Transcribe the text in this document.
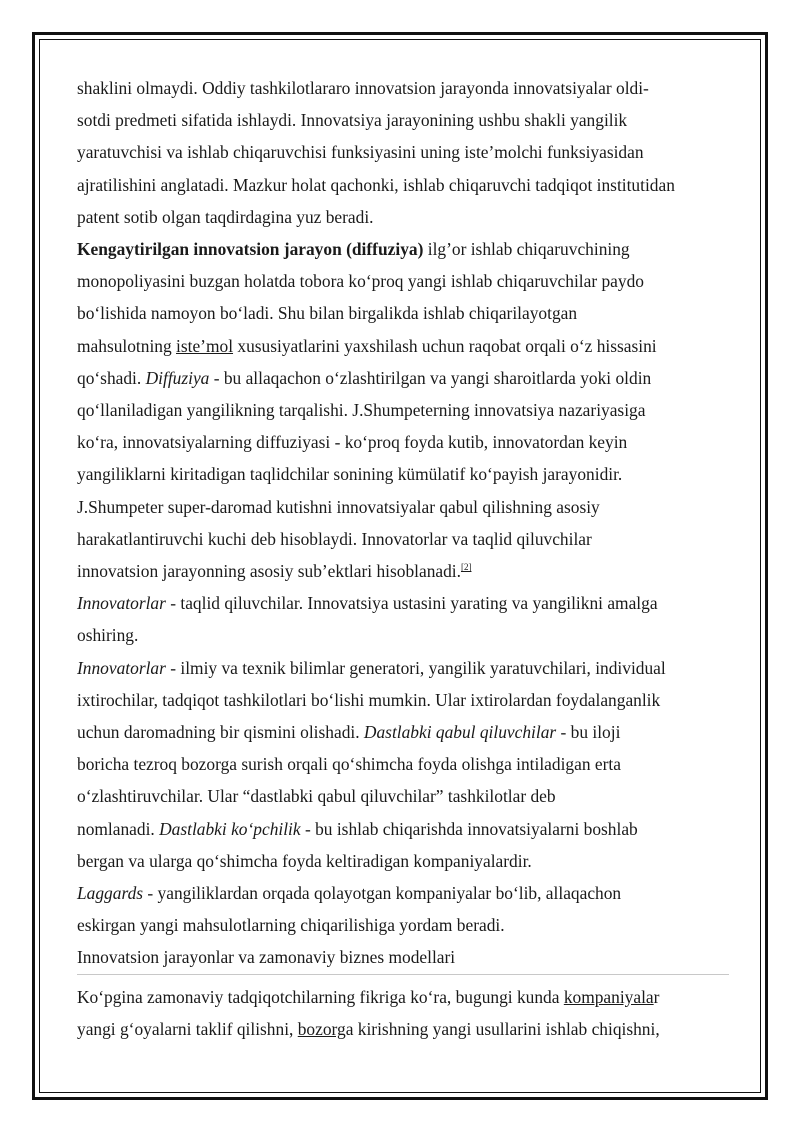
shaklini olmaydi. Oddiy tashkilotlararo innovatsion jarayonda innovatsiyalar oldi-
sotdi predmeti sifatida ishlaydi. Innovatsiya jarayonining ushbu shakli yangilik
yaratuvchisi va ishlab chiqaruvchisi funksiyasini uning iste’molchi funksiyasidan
ajratilishini anglatadi. Mazkur holat qachonki, ishlab chiqaruvchi tadqiqot institutidan
patent sotib olgan taqdirdagina yuz beradi.

Kengaytirilgan innovatsion jarayon (diffuziya) ilg’or ishlab chiqaruvchining
monopoliyasini buzgan holatda tobora ko‘proq yangi ishlab chiqaruvchilar paydo
bo‘lishida namoyon bo‘ladi. Shu bilan birgalikda ishlab chiqarilayotgan
mahsulotning iste’mol xususiyatlarini yaxshilash uchun raqobat orqali o‘z hissasini
qo‘shadi. Diffuziya - bu allaqachon o‘zlashtirilgan va yangi sharoitlarda yoki oldin
qo‘llaniladigan yangilikning tarqalishi. J.Shumpeterning innovatsiya nazariyasiga
ko‘ra, innovatsiyalarning diffuziyasi - ko‘proq foyda kutib, innovatordan keyin
yangiliklarni kiritadigan taqlidchilar sonining kümülatif ko‘payish jarayonidir.
J.Shumpeter super-daromad kutishni innovatsiyalar qabul qilishning asosiy
harakatlantiruvchi kuchi deb hisoblaydi. Innovatorlar va taqlid qiluvchilar
innovatsion jarayonning asosiy sub’ektlari hisoblanadi.[2]

Innovatorlar - taqlid qiluvchilar. Innovatsiya ustasini yarating va yangilikni amalga
oshiring.

Innovatorlar - ilmiy va texnik bilimlar generatori, yangilik yaratuvchilari, individual
ixtirochilar, tadqiqot tashkilotlari bo‘lishi mumkin. Ular ixtirolardan foydalanganlik
uchun daromadning bir qismini olishadi. Dastlabki qabul qiluvchilar - bu iloji
boricha tezroq bozorga surish orqali qo‘shimcha foyda olishga intiladigan erta
o‘zlashtiruvchilar. Ular “dastlabki qabul qiluvchilar” tashkilotlar deb
nomlanadi. Dastlabki ko‘pchilik - bu ishlab chiqarishda innovatsiyalarni boshlab
bergan va ularga qo‘shimcha foyda keltiradigan kompaniyalardir.

Laggards - yangiliklardan orqada qolayotgan kompaniyalar bo‘lib, allaqachon
eskirgan yangi mahsulotlarning chiqarilishiga yordam beradi.

Innovatsion jarayonlar va zamonaviy biznes modellari

Ko‘pgina zamonaviy tadqiqotchilarning fikriga ko‘ra, bugungi kunda kompaniyalar
yangi g‘oyalarni taklif qilishni, bozorga kirishning yangi usullarini ishlab chiqishni,
